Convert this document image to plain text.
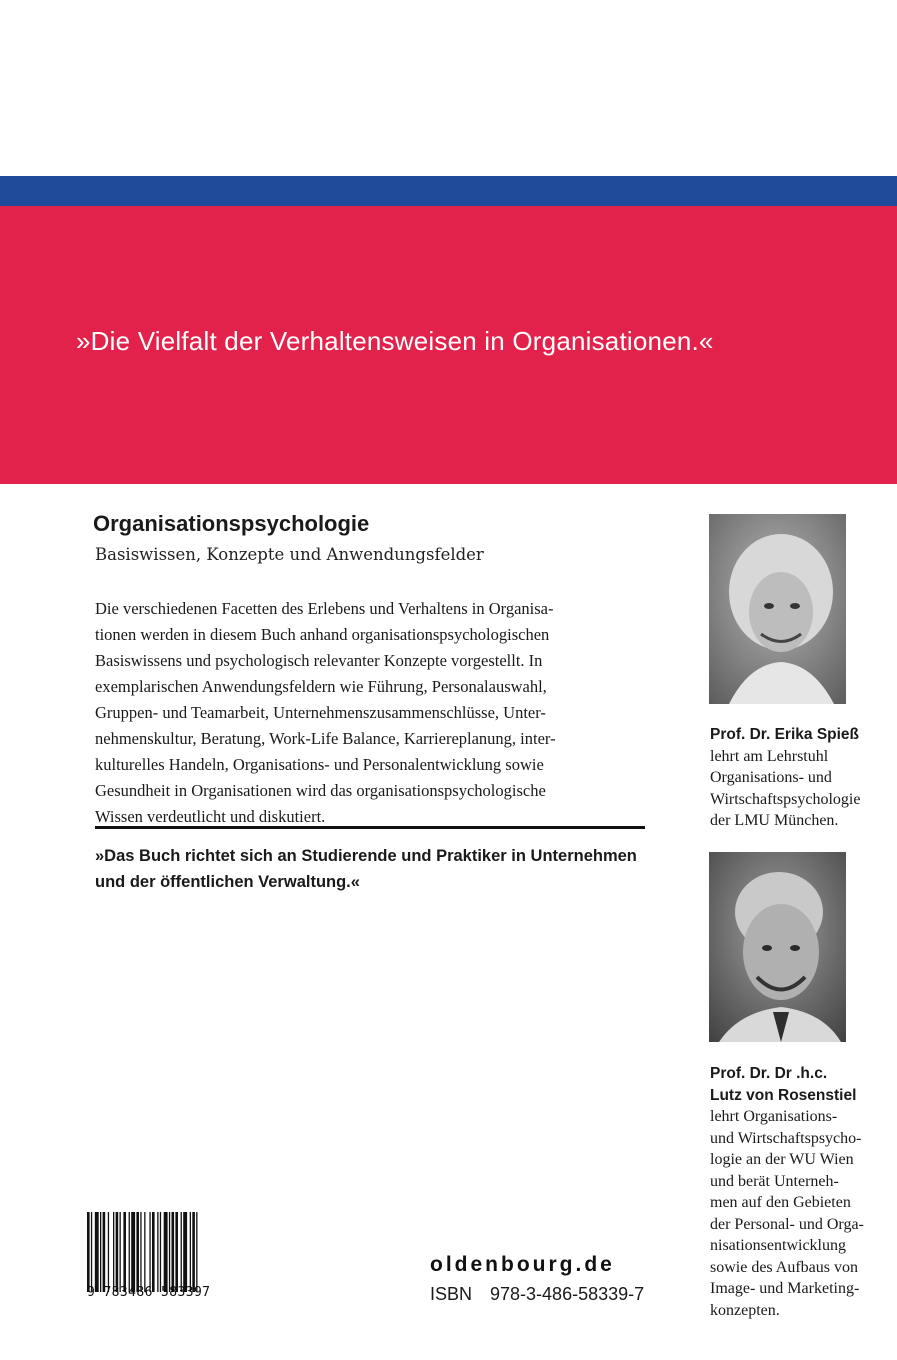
»Die Vielfalt der Verhaltensweisen in Organisationen.«
Organisationspsychologie
Basiswissen, Konzepte und Anwendungsfelder
Die verschiedenen Facetten des Erlebens und Verhaltens in Organisa-
tionen werden in diesem Buch anhand organisationspsychologischen
Basiswissens und psychologisch relevanter Konzepte vorgestellt. In
exemplarischen Anwendungsfeldern wie Führung, Personalauswahl,
Gruppen- und Teamarbeit, Unternehmenszusammenschlüsse, Unter-
nehmenskultur, Beratung, Work-Life Balance, Karriereplanung, inter-
kulturelles Handeln, Organisations- und Personalentwicklung sowie
Gesundheit in Organisationen wird das organisationspsychologische
Wissen verdeutlicht und diskutiert.
»Das Buch richtet sich an Studierende und Praktiker in Unternehmen
und der öffentlichen Verwaltung.«
Prof. Dr. Erika Spieß
lehrt am Lehrstuhl
Organisations- und
Wirtschaftspsychologie
der LMU München.
Prof. Dr. Dr .h.c.
Lutz von Rosenstiel
lehrt Organisations-
und Wirtschaftspsycho-
logie an der WU Wien
und berät Unterneh-
men auf den Gebieten
der Personal- und Orga-
nisationsentwicklung
sowie des Aufbaus von
Image- und Marketing-
konzepten.
9 783486 583397
oldenbourg.de
ISBN 978-3-486-58339-7
